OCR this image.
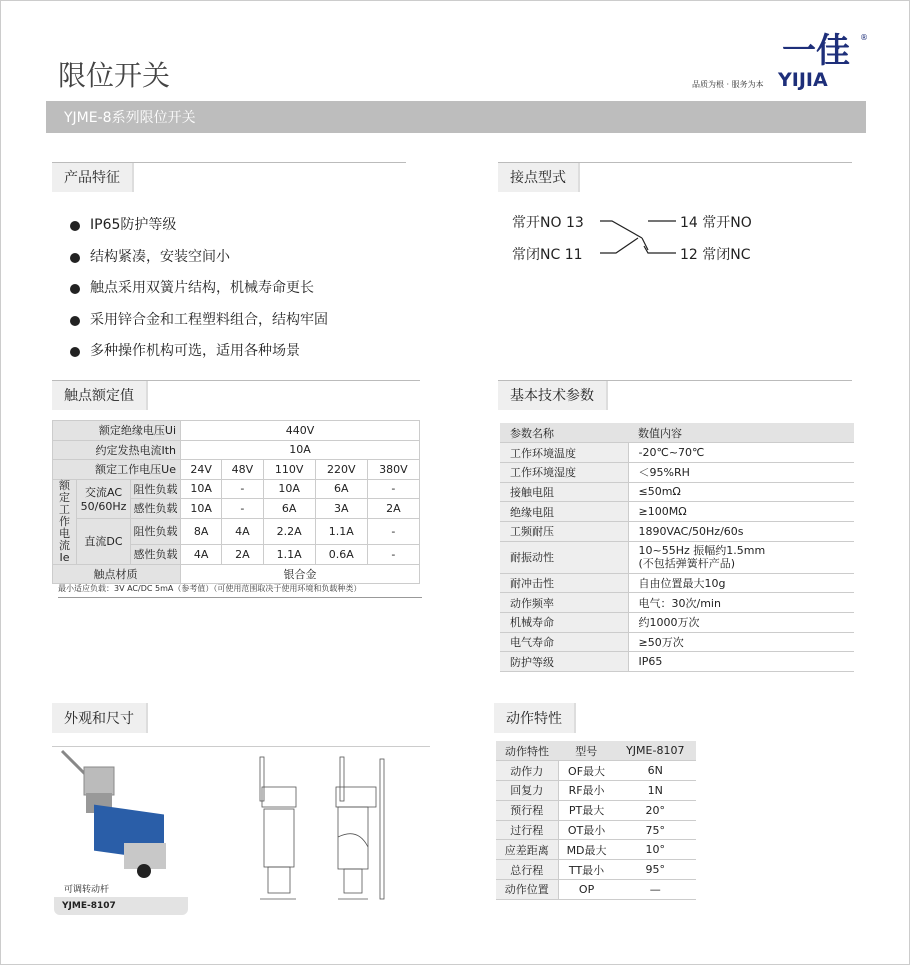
限位开关
一佳 ®
YIJIA
品质为根 · 服务为本
YJME-8系列限位开关
产品特征
IP65防护等级
结构紧凑，安装空间小
触点采用双簧片结构，机械寿命更长
采用锌合金和工程塑料组合，结构牢固
多种操作机构可选，适用各种场景
接点型式
常开NO 13	14 常开NO
常闭NC 11	12 常闭NC
触点额定值
额定绝缘电压Ui			440V				
约定发热电流Ith			10A				
额定工作电压Ue			24V	48V	110V	220V	380V
额定工作电流Ie	交流AC 50/60Hz	阻性负载	10A	-	10A	6A	-
		感性负载	10A	-	6A	3A	2A
	直流DC	阻性负载	8A	4A	2.2A	1.1A	-
		感性负载	4A	2A	1.1A	0.6A	-
触点材质			银合金				
最小适应负载：3V AC/DC 5mA（参考值）（可使用范围取决于使用环境和负载种类）
基本技术参数
参数名称	数值内容
工作环境温度	-20℃~70℃
工作环境湿度	＜95%RH
接触电阻	≤50mΩ
绝缘电阻	≥100MΩ
工频耐压	1890VAC/50Hz/60s
耐振动性	10~55Hz 振幅约1.5mm
(不包括弹簧杆产品)
耐冲击性	自由位置最大10g
动作频率	电气：30次/min
机械寿命	约1000万次
电气寿命	≥50万次
防护等级	IP65
外观和尺寸
可调转动杆
YJME-8107
动作特性
动作特性	型号	YJME-8107
动作力	OF最大	6N
回复力	RF最小	1N
预行程	PT最大	20°
过行程	OT最小	75°
应差距离	MD最大	10°
总行程	TT最小	95°
动作位置	OP	—
